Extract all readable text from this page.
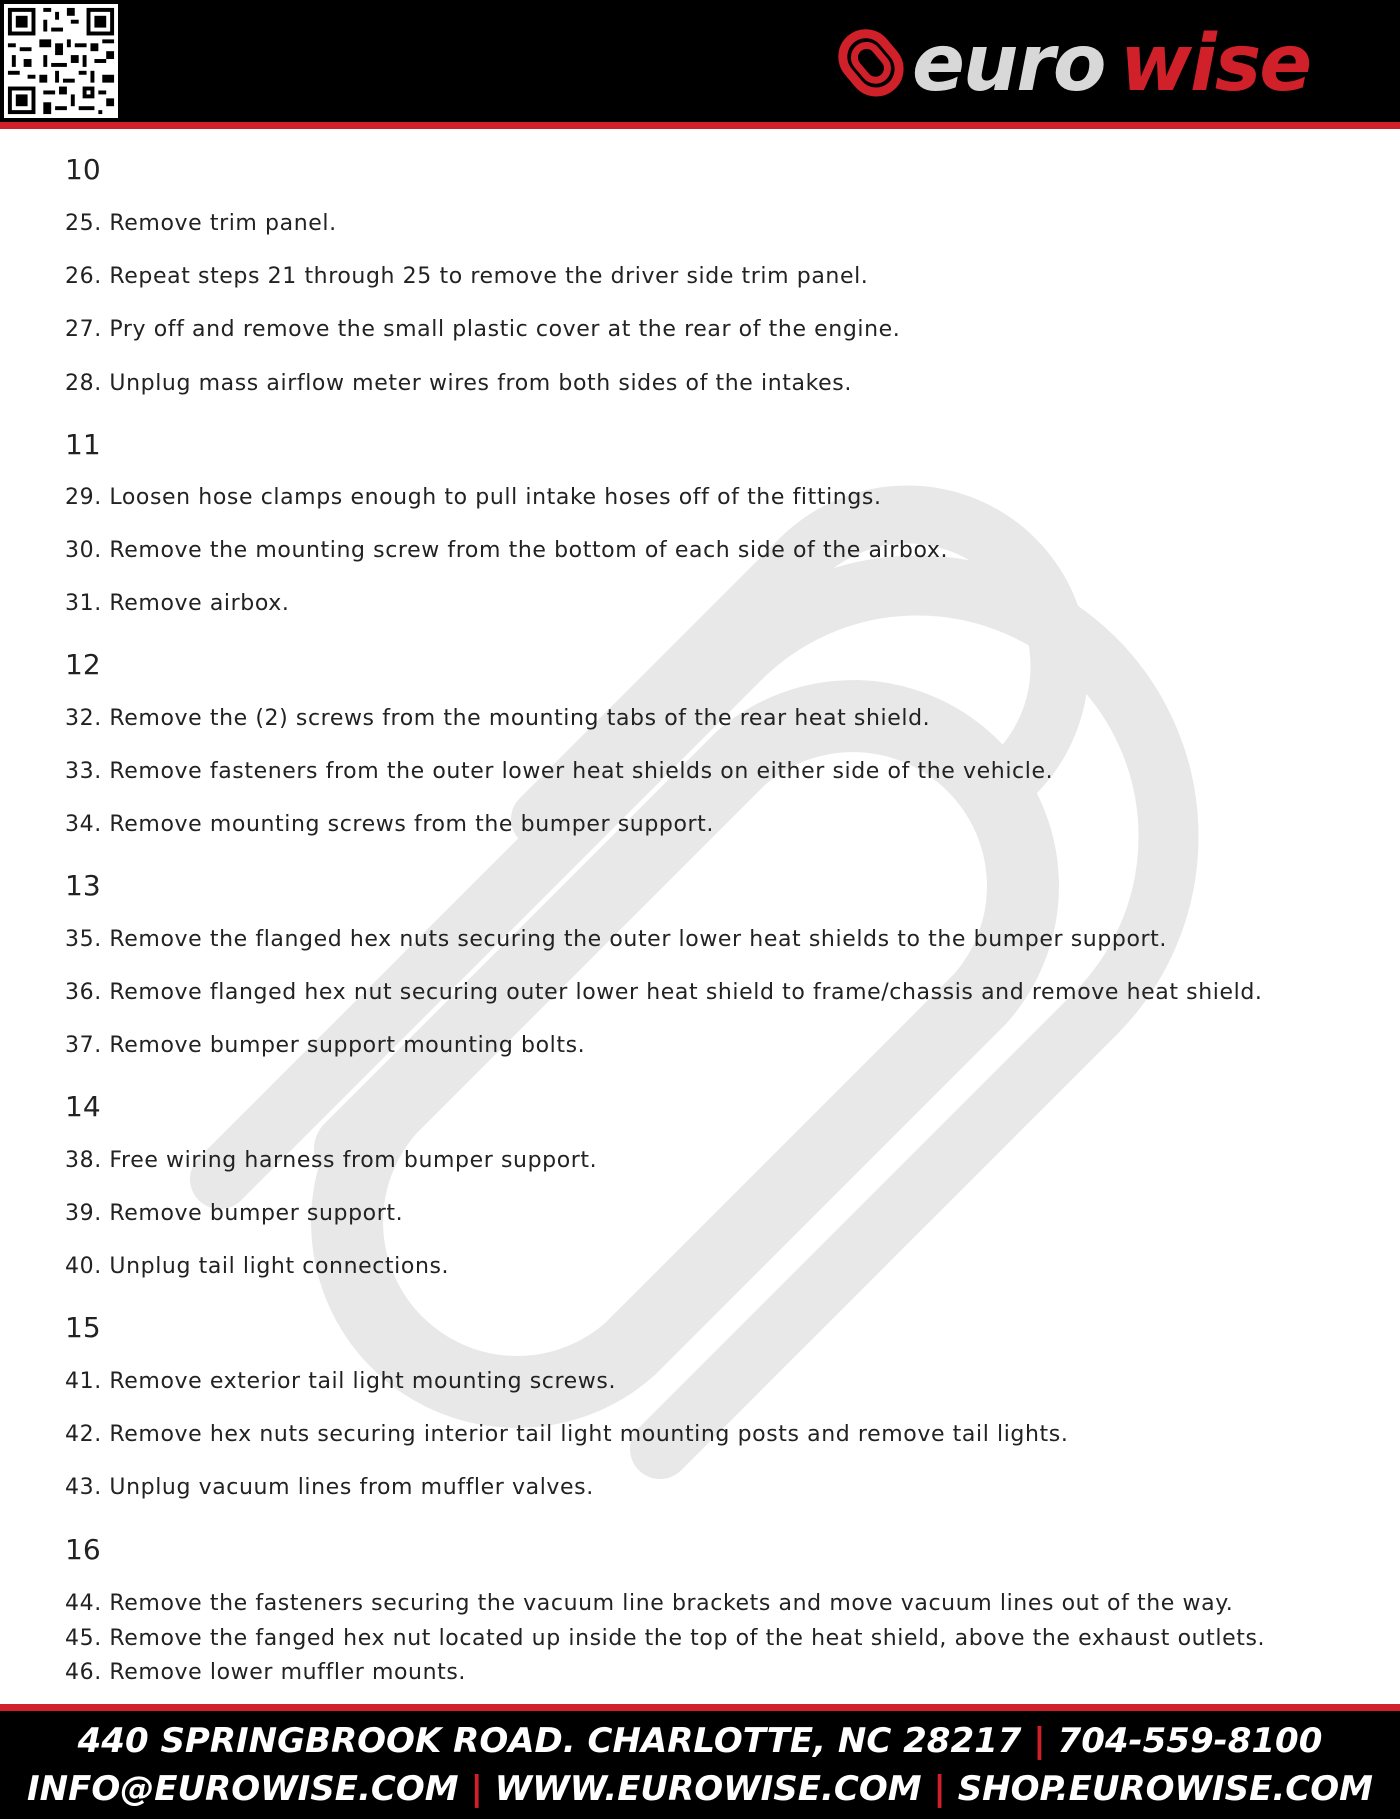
euro wise
10
25. Remove trim panel.
26. Repeat steps 21 through 25 to remove the driver side trim panel.
27. Pry off and remove the small plastic cover at the rear of the engine.
28. Unplug mass airflow meter wires from both sides of the intakes.
11
29. Loosen hose clamps enough to pull intake hoses off of the fittings.
30. Remove the mounting screw from the bottom of each side of the airbox.
31. Remove airbox.
12
32. Remove the (2) screws from the mounting tabs of the rear heat shield.
33. Remove fasteners from the outer lower heat shields on either side of the vehicle.
34. Remove mounting screws from the bumper support.
13
35. Remove the flanged hex nuts securing the outer lower heat shields to the bumper support.
36. Remove flanged hex nut securing outer lower heat shield to frame/chassis and remove heat shield.
37. Remove bumper support mounting bolts.
14
38. Free wiring harness from bumper support.
39. Remove bumper support.
40. Unplug tail light connections.
15
41. Remove exterior tail light mounting screws.
42. Remove hex nuts securing interior tail light mounting posts and remove tail lights.
43. Unplug vacuum lines from muffler valves.
16
44. Remove the fasteners securing the vacuum line brackets and move vacuum lines out of the way.
45. Remove the fanged hex nut located up inside the top of the heat shield, above the exhaust outlets.
46. Remove lower muffler mounts.
440 SPRINGBROOK ROAD. CHARLOTTE, NC 28217 | 704-559-8100
INFO@EUROWISE.COM | WWW.EUROWISE.COM | SHOP.EUROWISE.COM
